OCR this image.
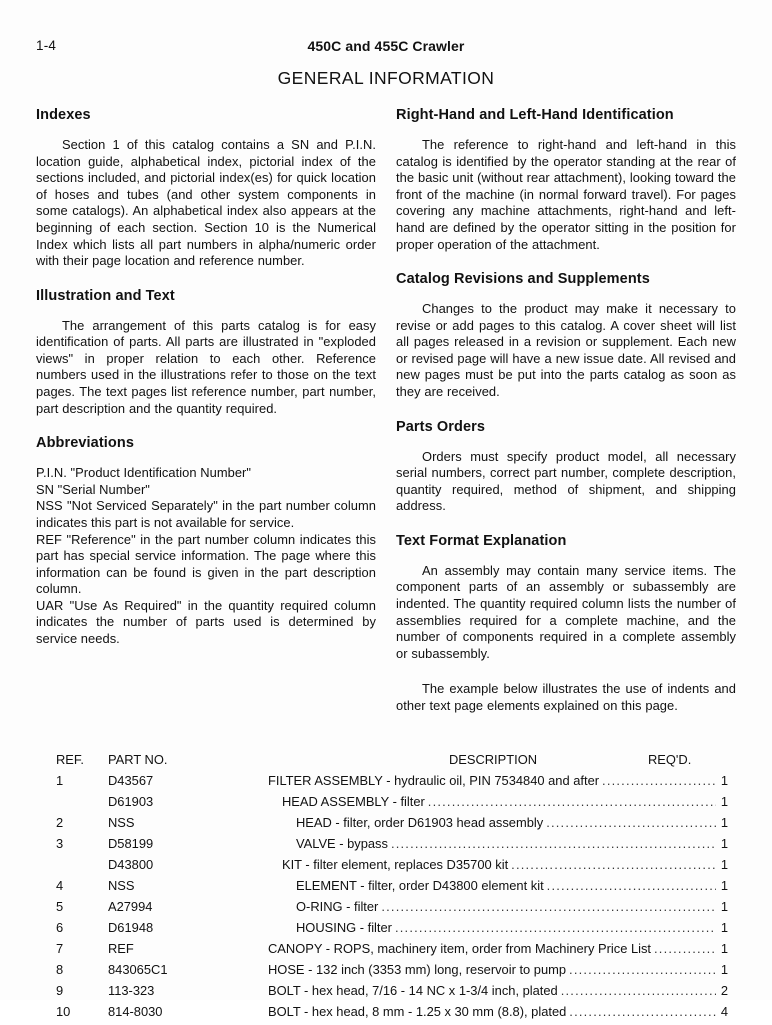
1-4	450C and 455C Crawler
GENERAL INFORMATION
Indexes

Section 1 of this catalog contains a SN and P.I.N. location guide, alphabetical index, pictorial index of the sections included, and pictorial index(es) for quick location of hoses and tubes (and other system components in some catalogs). An alphabetical index also appears at the beginning of each section. Section 10 is the Numerical Index which lists all part numbers in alpha/numeric order with their page location and reference number.

Illustration and Text

The arrangement of this parts catalog is for easy identification of parts. All parts are illustrated in "exploded views" in proper relation to each other. Reference numbers used in the illustrations refer to those on the text pages. The text pages list reference number, part number, part description and the quantity required.

Abbreviations
P.I.N. "Product Identification Number"
SN "Serial Number"
NSS "Not Serviced Separately" in the part number column indicates this part is not available for service.
REF "Reference" in the part number column indicates this part has special service information. The page where this information can be found is given in the part description column.
UAR "Use As Required" in the quantity required column indicates the number of parts used is determined by service needs.
Right-Hand and Left-Hand Identification

The reference to right-hand and left-hand in this catalog is identified by the operator standing at the rear of the basic unit (without rear attachment), looking toward the front of the machine (in normal forward travel). For pages covering any machine attachments, right-hand and left-hand are defined by the operator sitting in the position for proper operation of the attachment.

Catalog Revisions and Supplements

Changes to the product may make it necessary to revise or add pages to this catalog. A cover sheet will list all pages released in a revision or supplement. Each new or revised page will have a new issue date. All revised and new pages must be put into the parts catalog as soon as they are received.

Parts Orders

Orders must specify product model, all necessary serial numbers, correct part number, complete description, quantity required, method of shipment, and shipping address.

Text Format Explanation

An assembly may contain many service items. The component parts of an assembly or subassembly are indented. The quantity required column lists the number of assemblies required for a complete machine, and the number of components required in a complete assembly or subassembly.

The example below illustrates the use of indents and other text page elements explained on this page.

REF. PART NO.	DESCRIPTION	REQ'D.
1	D43567	FILTER ASSEMBLY - hydraulic oil, PIN 7534840 and after .....	1
D61903	HEAD ASSEMBLY - filter .....	1
2	NSS	HEAD - filter, order D61903 head assembly .....	1
3	D58199	VALVE - bypass .....	1
D43800	KIT - filter element, replaces D35700 kit .....	1
4	NSS	ELEMENT - filter, order D43800 element kit .....	1
5	A27994	O-RING - filter .....	1
6	D61948	HOUSING - filter .....	1
7	REF	CANOPY - ROPS, machinery item, order from Machinery Price List .....	1
8	843065C1	HOSE - 132 inch (3353 mm) long, reservoir to pump .....	1
9	113-323	BOLT - hex head, 7/16 - 14 NC x 1-3/4 inch, plated .....	2
10	814-8030	BOLT - hex head, 8 mm - 1.25 x 30 mm (8.8), plated .....	4
